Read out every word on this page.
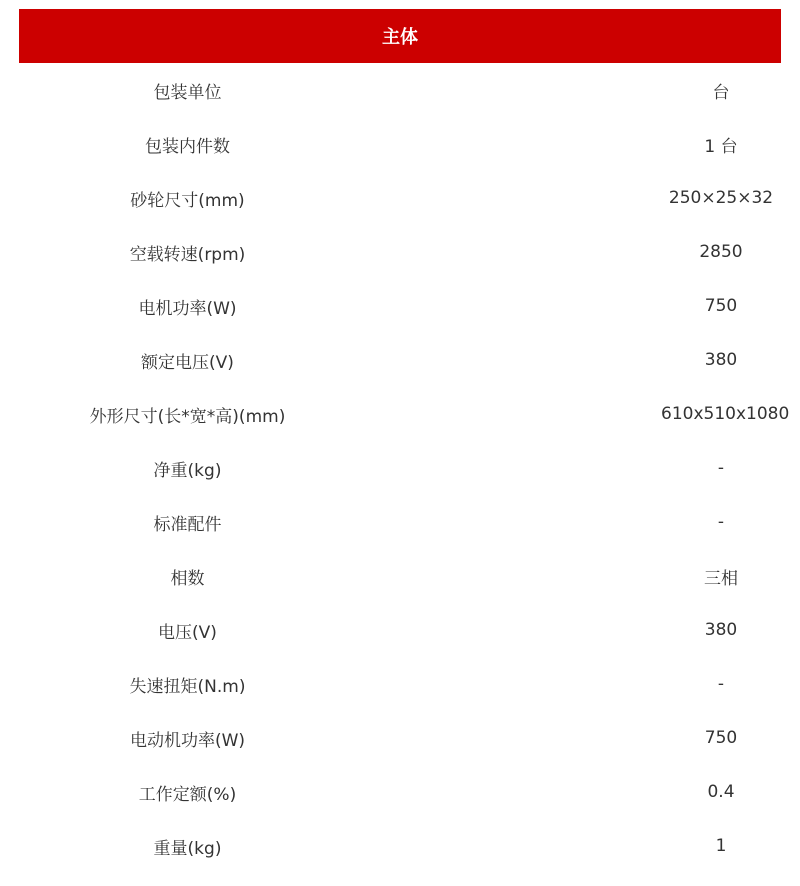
主体
包装单位	台
包装内件数	1 台
砂轮尺寸(mm)	250×25×32
空载转速(rpm)	2850
电机功率(W)	750
额定电压(V)	380
外形尺寸(长*宽*高)(mm)	610x510x1080
净重(kg)	-
标准配件	-
相数	三相
电压(V)	380
失速扭矩(N.m)	-
电动机功率(W)	750
工作定额(%)	0.4
重量(kg)	1
